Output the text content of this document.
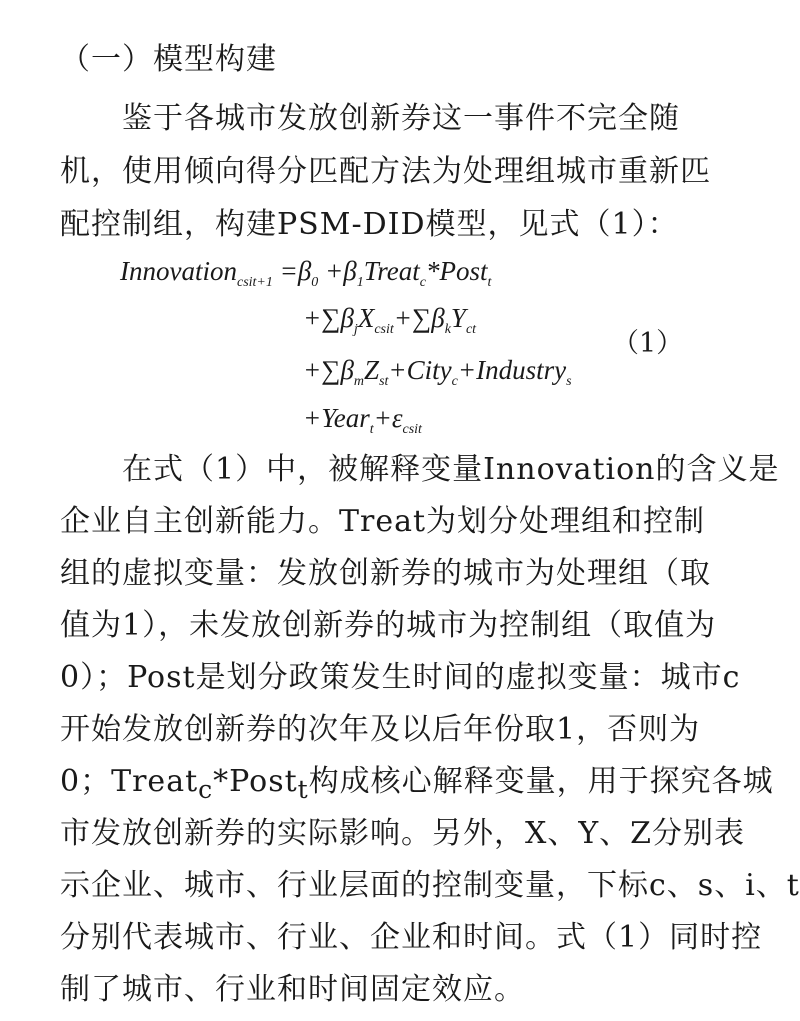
（一）模型构建
鉴于各城市发放创新券这一事件不完全随
机，使用倾向得分匹配方法为处理组城市重新匹
配控制组，构建PSM-DID模型，见式（1）：
Innovation$_{csit+1}$ $=\beta_0$ $+\beta_1Treat_c*Post_t$
$+\sum\beta_jX_{csit}+\sum\beta_kY_{ct}$
$+\sum\beta_mZ_{st}+City_c+Industry_s$
$+Year_t+\varepsilon_{csit}$
（1）
在式（1）中，被解释变量Innovation的含义是
企业自主创新能力。Treat为划分处理组和控制
组的虚拟变量：发放创新券的城市为处理组（取
值为1），未发放创新券的城市为控制组（取值为
0）；Post是划分政策发生时间的虚拟变量：城市c
开始发放创新券的次年及以后年份取1，否则为
0；Treat$_c$*Post$_t$构成核心解释变量，用于探究各城
市发放创新券的实际影响。另外，X、Y、Z分别表
示企业、城市、行业层面的控制变量，下标c、s、i、t
分别代表城市、行业、企业和时间。式（1）同时控
制了城市、行业和时间固定效应。
